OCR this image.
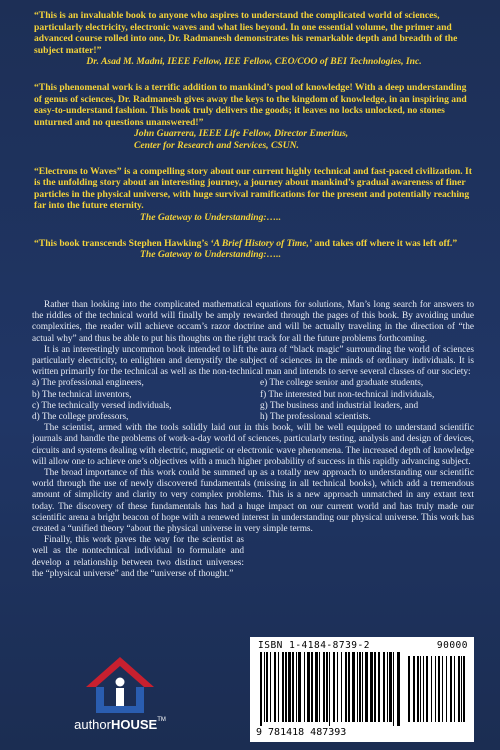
“This is an invaluable book to anyone who aspires to understand the complicated world of sciences, particularly electricity, electronic waves and what lies beyond. In one essential volume, the primer and advanced course rolled into one, Dr. Radmanesh demonstrates his remarkable depth and breadth of the subject matter!”
Dr. Asad M. Madni, IEEE Fellow, IEE Fellow, CEO/COO of BEI Technologies, Inc.
“This phenomenal work is a terrific addition to mankind’s pool of knowledge! With a deep understanding of genus of sciences, Dr. Radmanesh gives away the keys to the kingdom of knowledge, in an inspiring and easy-to-understand fashion. This book truly delivers the goods; it leaves no locks unlocked, no stones unturned and no questions unanswered!”
John Guarrera, IEEE Life Fellow, Director Emeritus,
Center for Research and Services, CSUN.
“Electrons to Waves” is a compelling story about our current highly technical and fast-paced civilization. It is the unfolding story about an interesting journey, a journey about mankind’s gradual awareness of finer particles in the physical universe, with huge survival ramifications for the present and potentially reaching far into the future eternity.
The Gateway to Understanding:…..
“This book transcends Stephen Hawking’s ‘A Brief History of Time,’ and takes off where it was left off.”
The Gateway to Understanding:…..

Rather than looking into the complicated mathematical equations for solutions, Man’s long search for answers to the riddles of the technical world will finally be amply rewarded through the pages of this book. By avoiding undue complexities, the reader will achieve occam’s razor doctrine and will be actually traveling in the direction of “the actual why” and thus be able to put his thoughts on the right track for all the future problems forthcoming.

It is an interestingly uncommon book intended to lift the aura of “black magic” surrounding the world of sciences particularly electricity, to enlighten and demystify the subject of sciences in the minds of ordinary individuals. It is written primarily for the technical as well as the non-technical man and intends to serve several classes of our society:

a) The professional engineers,	e) The college senior and graduate students,
b) The technical inventors,	f) The interested but non-technical individuals,
c) The technically versed individuals,	g) The business and industrial leaders, and
d) The college professors,	h) The professional scientists.

The scientist, armed with the tools solidly laid out in this book, will be well equipped to understand scientific journals and handle the problems of work-a-day world of sciences, particularly testing, analysis and design of devices, circuits and systems dealing with electric, magnetic or electronic wave phenomena. The increased depth of knowledge will allow one to achieve one’s objectives with a much higher probability of success in this rapidly advancing subject.

The broad importance of this work could be summed up as a totally new approach to understanding our scientific world through the use of newly discovered fundamentals (missing in all technical books), which add a tremendous amount of simplicity and clarity to very complex problems. This is a new approach unmatched in any extant text today. The discovery of these fundamentals has had a huge impact on our current world and has truly made our scientific arena a bright beacon of hope with a renewed interest in understanding our physical universe. This work has created a “unified theory “about the physical universe in very simple terms.

Finally, this work paves the way for the scientist as well as the nontechnical individual to formulate and develop a relationship between two distinct universes: the “physical universe” and the “universe of thought.”

authorHOUSE™
ISBN 1-4184-8739-2	90000
9 781418 487393
